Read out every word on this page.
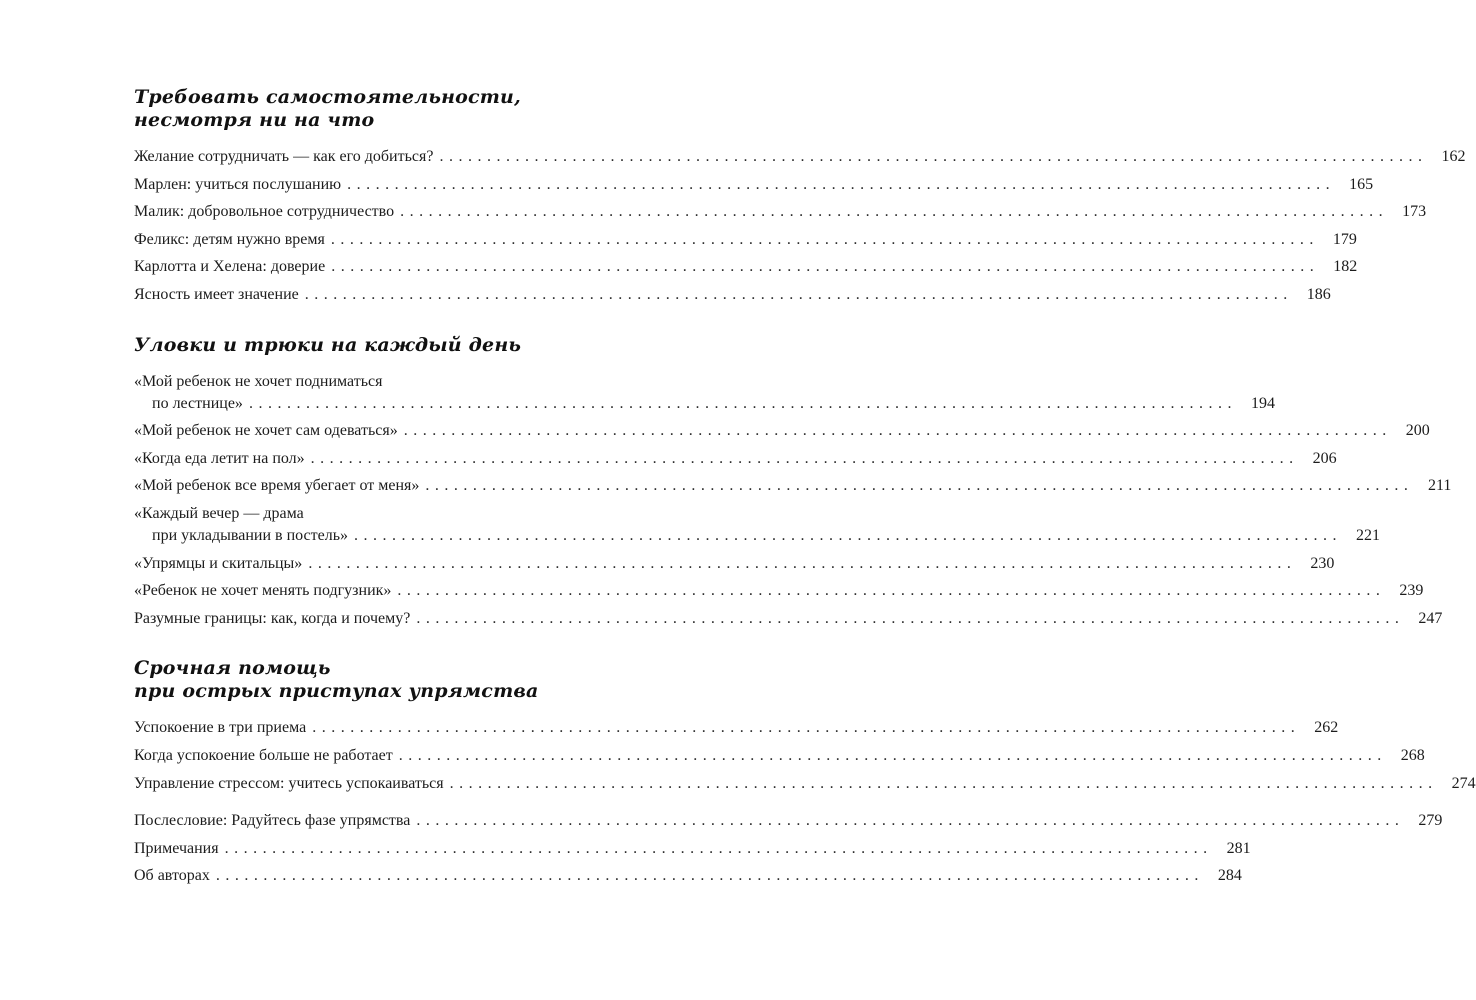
Требовать самостоятельности,
несмотря ни на что
Желание сотрудничать — как его добиться? ........................................................................................................ 162
Марлен: учиться послушанию ........................................................................................................ 165
Малик: добровольное сотрудничество ........................................................................................................ 173
Феликс: детям нужно время ........................................................................................................ 179
Карлотта и Хелена: доверие ........................................................................................................ 182
Ясность имеет значение ........................................................................................................ 186
Уловки и трюки на каждый день
«Мой ребенок не хочет подниматься
по лестнице» ........................................................................................................ 194
«Мой ребенок не хочет сам одеваться» ........................................................................................................ 200
«Когда еда летит на пол» ........................................................................................................ 206
«Мой ребенок все время убегает от меня» ........................................................................................................ 211
«Каждый вечер — драма
при укладывании в постель» ........................................................................................................ 221
«Упрямцы и скитальцы» ........................................................................................................ 230
«Ребенок не хочет менять подгузник» ........................................................................................................ 239
Разумные границы: как, когда и почему? ........................................................................................................ 247
Срочная помощь
при острых приступах упрямства
Успокоение в три приема ........................................................................................................ 262
Когда успокоение больше не работает ........................................................................................................ 268
Управление стрессом: учитесь успокаиваться ........................................................................................................ 274
Послесловие: Радуйтесь фазе упрямства ........................................................................................................ 279
Примечания ........................................................................................................ 281
Об авторах ........................................................................................................ 284
